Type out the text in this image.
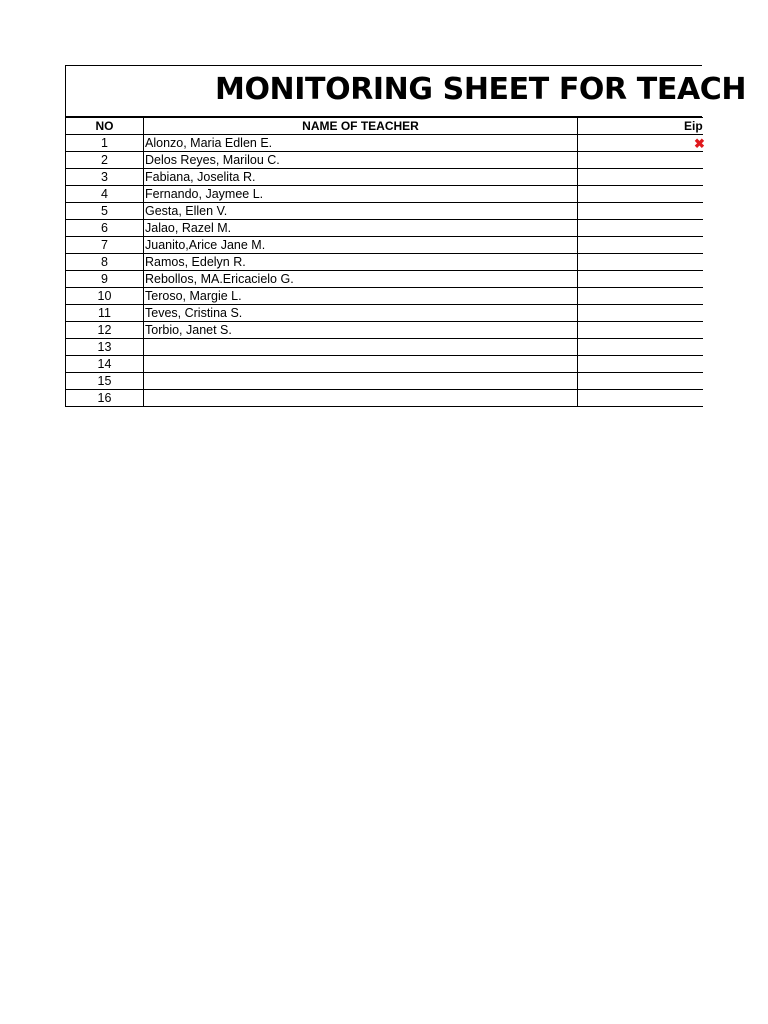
MONITORING SHEET FOR TEACH
NO	NAME OF TEACHER	Eip
1	Alonzo, Maria Edlen E.	✖

2	Delos Reyes, Marilou C.	
3	Fabiana, Joselita R.	
4	Fernando, Jaymee L.	
5	Gesta, Ellen V.	
6	Jalao, Razel M.	
7	Juanito,Arice Jane M.	
8	Ramos, Edelyn R.	
9	Rebollos, MA.Ericacielo G.	
10	Teroso, Margie L.	
11	Teves, Cristina S.	
12	Torbio, Janet S.	
13		
14		
15		
16		
